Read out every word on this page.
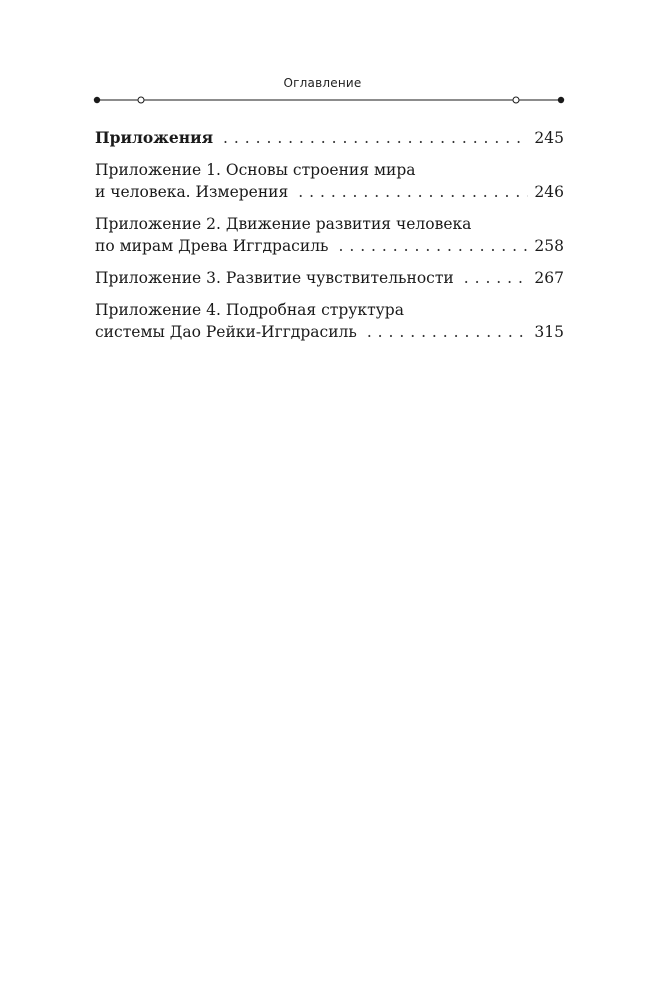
Оглавление
Приложения . . .	245
Приложение 1. Основы строения мира
и человека. Измерения . . .	246
Приложение 2. Движение развития человека
по мирам Древа Иггдрасиль . . .	258
Приложение 3. Развитие чувствительности . . .	267
Приложение 4. Подробная структура
системы Дао Рейки-Иггдрасиль . . .	315
